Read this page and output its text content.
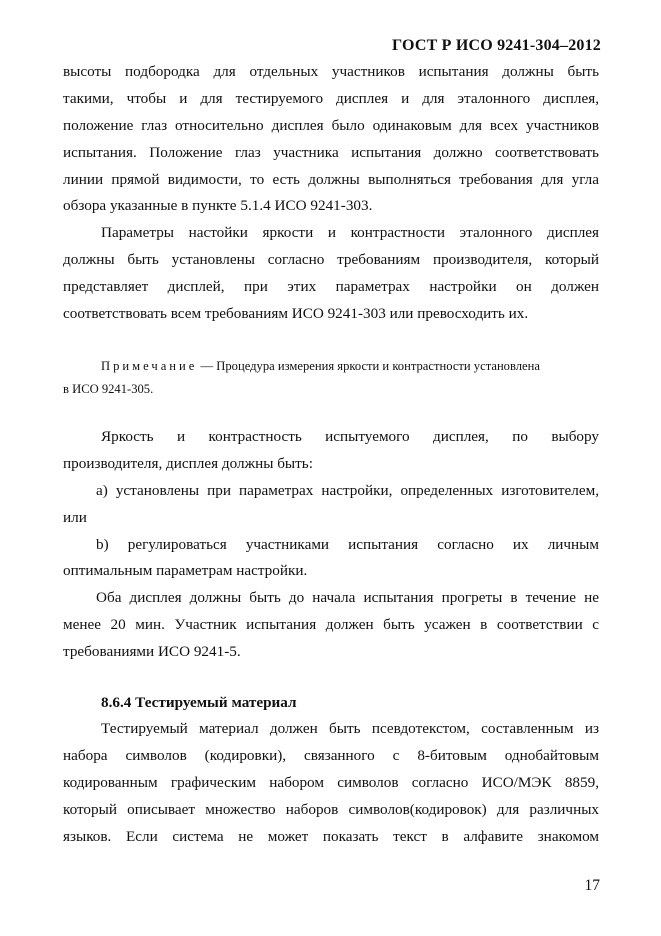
ГОСТ Р ИСО 9241-304–2012
высоты подбородка для отдельных участников испытания должны быть
такими, чтобы и для тестируемого дисплея и для эталонного дисплея,
положение глаз относительно дисплея было одинаковым для всех участников
испытания. Положение глаз участника испытания должно соответствовать
линии прямой видимости, то есть должны выполняться требования для угла
обзора указанные в пункте 5.1.4 ИСО 9241-303.
Параметры настойки яркости и контрастности эталонного дисплея
должны быть установлены согласно требованиям производителя, который
представляет дисплей, при этих параметрах настройки он должен
соответствовать всем требованиям ИСО 9241-303 или превосходить их.
Примечание — Процедура измерения яркости и контрастности установлена
в ИСО 9241-305.
Яркость и контрастность испытуемого дисплея, по выбору
производителя, дисплея должны быть:
a) установлены при параметрах настройки, определенных изготовителем,
или
b) регулироваться участниками испытания согласно их личным
оптимальным параметрам настройки.
Оба дисплея должны быть до начала испытания прогреты в течение не
менее 20 мин. Участник испытания должен быть усажен в соответствии с
требованиями ИСО 9241-5.
8.6.4 Тестируемый материал
Тестируемый материал должен быть псевдотекстом, составленным из
набора символов (кодировки), связанного с 8-битовым однобайтовым
кодированным графическим набором символов согласно ИСО/МЭК 8859,
который описывает множество наборов символов(кодировок) для различных
языков. Если система не может показать текст в алфавите знакомом
17
